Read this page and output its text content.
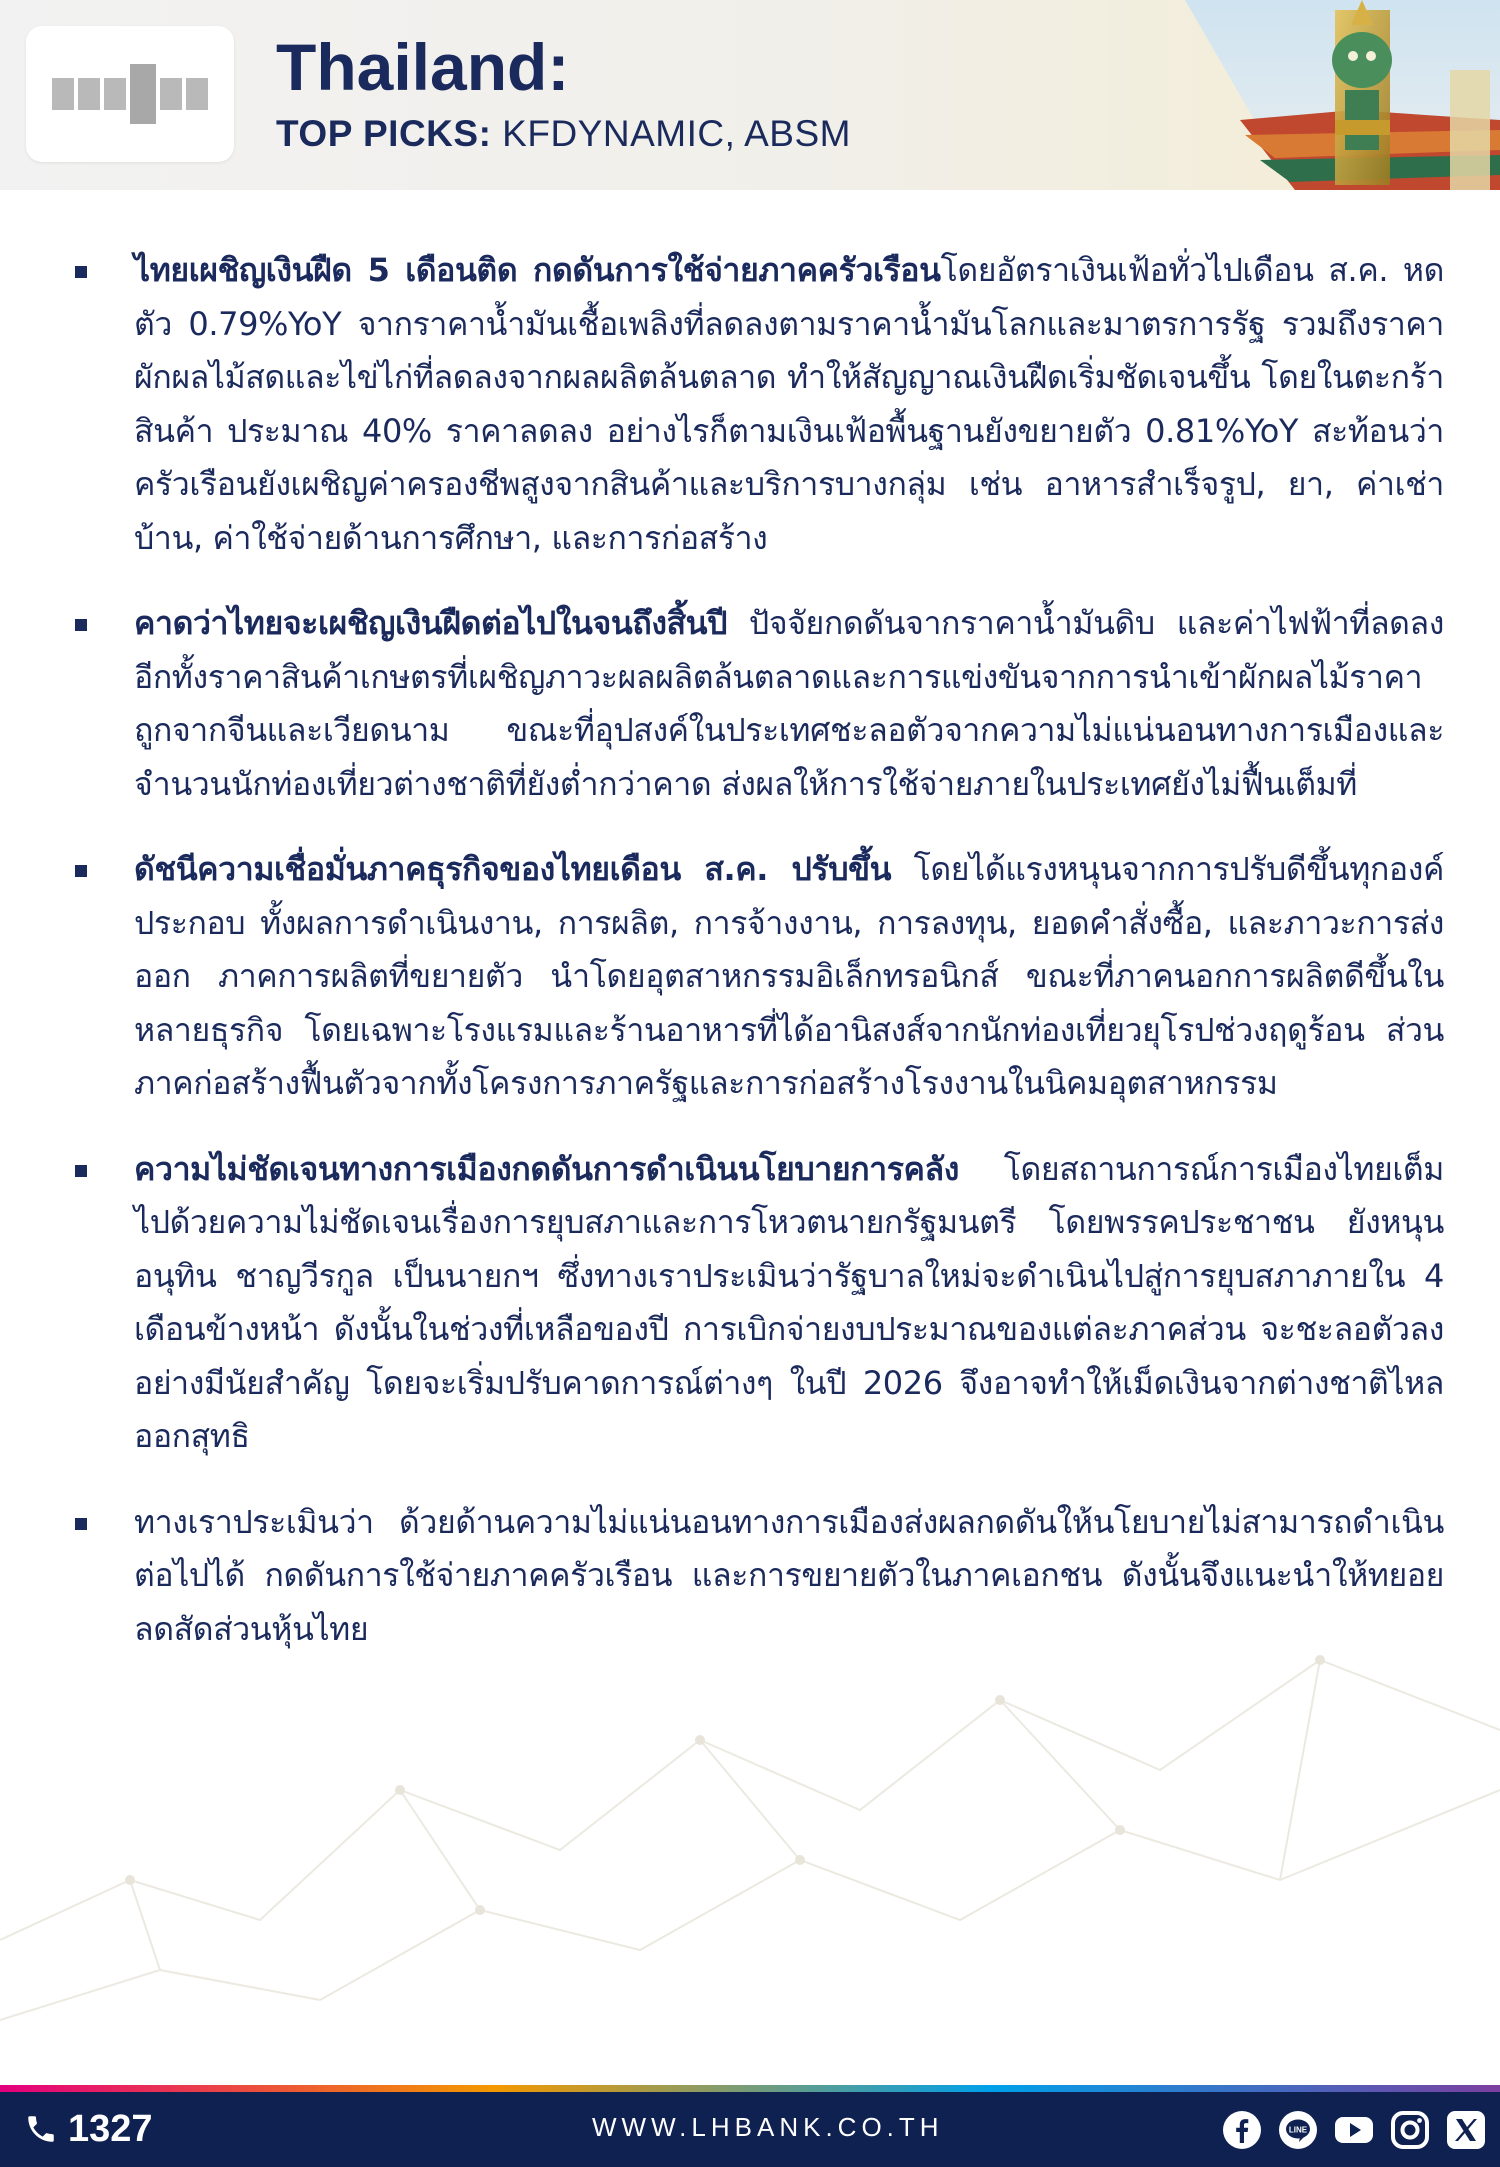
Thailand:
TOP PICKS: KFDYNAMIC, ABSM

ไทยเผชิญเงินฝืด 5 เดือนติด กดดันการใช้จ่ายภาคครัวเรือนโดยอัตราเงินเฟ้อทั่วไปเดือน ส.ค. หดตัว 0.79%YoY จากราคาน้ำมันเชื้อเพลิงที่ลดลงตามราคาน้ำมันโลกและมาตรการรัฐ รวมถึงราคาผักผลไม้สดและไข่ไก่ที่ลดลงจากผลผลิตล้นตลาด ทำให้สัญญาณเงินฝืดเริ่มชัดเจนขึ้น โดยในตะกร้าสินค้า ประมาณ 40% ราคาลดลง อย่างไรก็ตามเงินเฟ้อพื้นฐานยังขยายตัว 0.81%YoY สะท้อนว่าครัวเรือนยังเผชิญค่าครองชีพสูงจากสินค้าและบริการบางกลุ่ม เช่น อาหารสำเร็จรูป, ยา, ค่าเช่าบ้าน, ค่าใช้จ่ายด้านการศึกษา, และการก่อสร้าง

คาดว่าไทยจะเผชิญเงินฝืดต่อไปในจนถึงสิ้นปี ปัจจัยกดดันจากราคาน้ำมันดิบ และค่าไฟฟ้าที่ลดลง อีกทั้งราคาสินค้าเกษตรที่เผชิญภาวะผลผลิตล้นตลาดและการแข่งขันจากการนำเข้าผักผลไม้ราคาถูกจากจีนและเวียดนาม ขณะที่อุปสงค์ในประเทศชะลอตัวจากความไม่แน่นอนทางการเมืองและจำนวนนักท่องเที่ยวต่างชาติที่ยังต่ำกว่าคาด ส่งผลให้การใช้จ่ายภายในประเทศยังไม่ฟื้นเต็มที่

ดัชนีความเชื่อมั่นภาคธุรกิจของไทยเดือน ส.ค. ปรับขึ้น โดยได้แรงหนุนจากการปรับดีขึ้นทุกองค์ประกอบ ทั้งผลการดำเนินงาน, การผลิต, การจ้างงาน, การลงทุน, ยอดคำสั่งซื้อ, และภาวะการส่งออก ภาคการผลิตที่ขยายตัว นำโดยอุตสาหกรรมอิเล็กทรอนิกส์ ขณะที่ภาคนอกการผลิตดีขึ้นในหลายธุรกิจ โดยเฉพาะโรงแรมและร้านอาหารที่ได้อานิสงส์จากนักท่องเที่ยวยุโรปช่วงฤดูร้อน ส่วนภาคก่อสร้างฟื้นตัวจากทั้งโครงการภาครัฐและการก่อสร้างโรงงานในนิคมอุตสาหกรรม

ความไม่ชัดเจนทางการเมืองกดดันการดำเนินนโยบายการคลัง โดยสถานการณ์การเมืองไทยเต็มไปด้วยความไม่ชัดเจนเรื่องการยุบสภาและการโหวตนายกรัฐมนตรี โดยพรรคประชาชน ยังหนุน อนุทิน ชาญวีรกูล เป็นนายกฯ ซึ่งทางเราประเมินว่ารัฐบาลใหม่จะดำเนินไปสู่การยุบสภาภายใน 4 เดือนข้างหน้า ดังนั้นในช่วงที่เหลือของปี การเบิกจ่ายงบประมาณของแต่ละภาคส่วน จะชะลอตัวลงอย่างมีนัยสำคัญ โดยจะเริ่มปรับคาดการณ์ต่างๆ ในปี 2026 จึงอาจทำให้เม็ดเงินจากต่างชาติไหลออกสุทธิ

ทางเราประเมินว่า ด้วยด้านความไม่แน่นอนทางการเมืองส่งผลกดดันให้นโยบายไม่สามารถดำเนินต่อไปได้ กดดันการใช้จ่ายภาคครัวเรือน และการขยายตัวในภาคเอกชน ดังนั้นจึงแนะนำให้ทยอยลดสัดส่วนหุ้นไทย

1327	WWW.LHBANK.CO.TH	LINE
